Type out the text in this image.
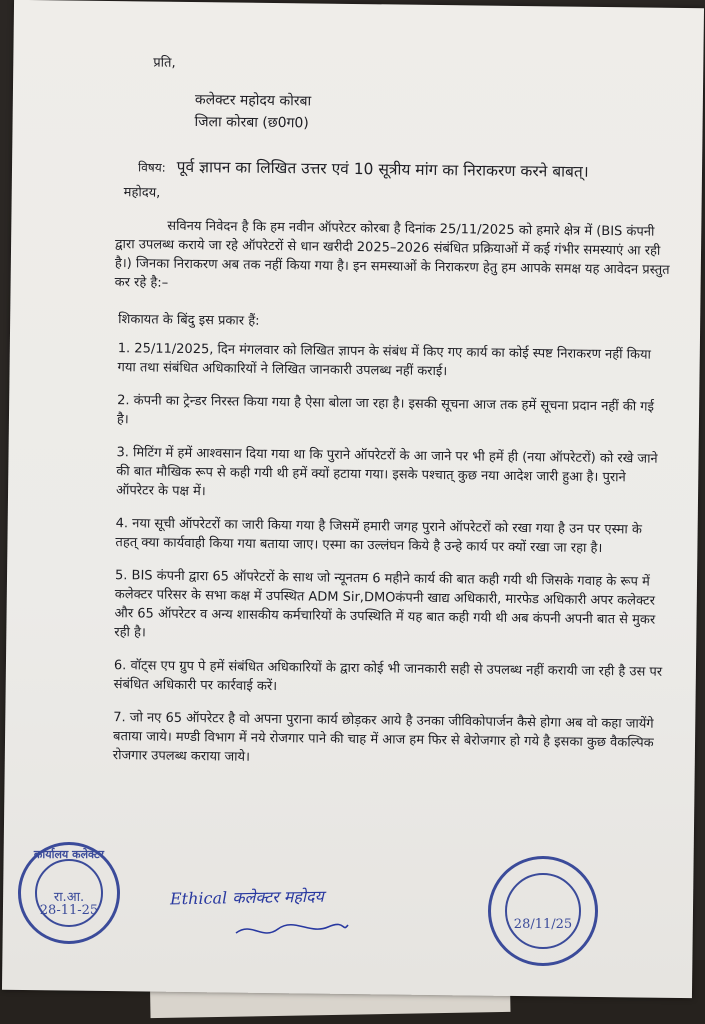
प्रति,
कलेक्टर महोदय कोरबा
जिला कोरबा (छ0ग0)
विषय: पूर्व ज्ञापन का लिखित उत्तर एवं 10 सूत्रीय मांग का निराकरण करने बाबत्।
महोदय,
सविनय निवेदन है कि हम नवीन ऑपरेटर कोरबा है दिनांक 25/11/2025 को हमारे क्षेत्र में (BIS कंपनी द्वारा उपलब्ध कराये जा रहे ऑपरेटरों से धान खरीदी 2025–2026 संबंधित प्रक्रियाओं में कई गंभीर समस्याएं आ रही है।) जिनका निराकरण अब तक नहीं किया गया है। इन समस्याओं के निराकरण हेतु हम आपके समक्ष यह आवेदन प्रस्तुत कर रहे है:–
शिकायत के बिंदु इस प्रकार हैं:
1. 25/11/2025, दिन मंगलवार को लिखित ज्ञापन के संबंध में किए गए कार्य का कोई स्पष्ट निराकरण नहीं किया गया तथा संबंधित अधिकारियों ने लिखित जानकारी उपलब्ध नहीं कराई।
2. कंपनी का ट्रेन्डर निरस्त किया गया है ऐसा बोला जा रहा है। इसकी सूचना आज तक हमें सूचना प्रदान नहीं की गई है।
3. मिटिंग में हमें आश्वसान दिया गया था कि पुराने ऑपरेटरों के आ जाने पर भी हमें ही (नया ऑपरेटरों) को रखे जाने की बात मौखिक रूप से कही गयी थी हमें क्यों हटाया गया। इसके पश्चात् कुछ नया आदेश जारी हुआ है। पुराने ऑपरेटर के पक्ष में।
4. नया सूची ऑपरेटरों का जारी किया गया है जिसमें हमारी जगह पुराने ऑपरेटरों को रखा गया है उन पर एस्मा के तहत् क्या कार्यवाही किया गया बताया जाए। एस्मा का उल्लंघन किये है उन्हे कार्य पर क्यों रखा जा रहा है।
5. BIS कंपनी द्वारा 65 ऑपरेटरों के साथ जो न्यूनतम 6 महीने कार्य की बात कही गयी थी जिसके गवाह के रूप में कलेक्टर परिसर के सभा कक्ष में उपस्थित ADM Sir,DMOकंपनी खाद्य अधिकारी, मारफेड अधिकारी अपर कलेक्टर और 65 ऑपरेटर व अन्य शासकीय कर्मचारियों के उपस्थिति में यह बात कही गयी थी अब कंपनी अपनी बात से मुकर रही है।
6. वॉट्स एप ग्रुप पे हमें संबंधित अधिकारियों के द्वारा कोई भी जानकारी सही से उपलब्ध नहीं करायी जा रही है उस पर संबंधित अधिकारी पर कार्रवाई करें।
7. जो नए 65 ऑपरेटर है वो अपना पुराना कार्य छोड़कर आये है उनका जीविकोपार्जन कैसे होगा अब वो कहा जायेंगे बताया जाये। मण्डी विभाग में नये रोजगार पाने की चाह में आज हम फिर से बेरोजगार हो गये है इसका कुछ वैकल्पिक रोजगार उपलब्ध कराया जाये।
कार्यालय कलेक्टर
रा.आ.
28-11-25
Ethical कलेक्टर महोदय
28/11/25
